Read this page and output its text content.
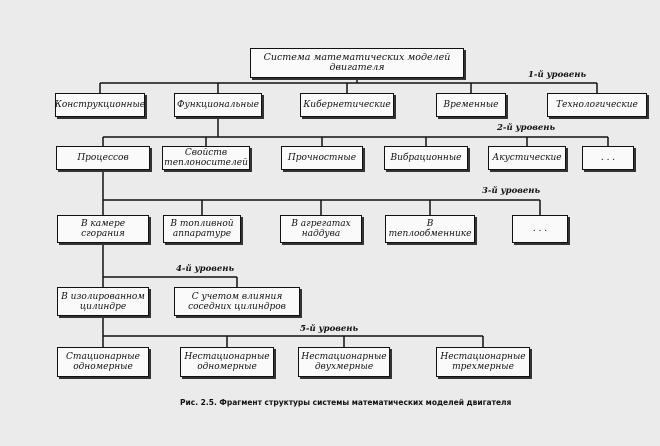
Система математических моделей двигателя
1-й уровень
2-й уровень
3-й уровень
4-й уровень
5-й уровень
Конструкционные	Функциональные	Кибернетические	Временные	Технологические
Процессов	Свойств теплоносителей	Прочностные	Вибрационные	Акустические	. . .
В камере сгорания
В топливной аппаратуре
В агрегатах наддува
В теплообменнике	. . .
В изолированном цилиндре
С учетом влияния соседних цилиндров
Стационарные одномерные
Нестационарные одномерные
Нестационарные двухмерные
Нестационарные трехмерные
Рис. 2.5. Фрагмент структуры системы математических моделей двигателя
